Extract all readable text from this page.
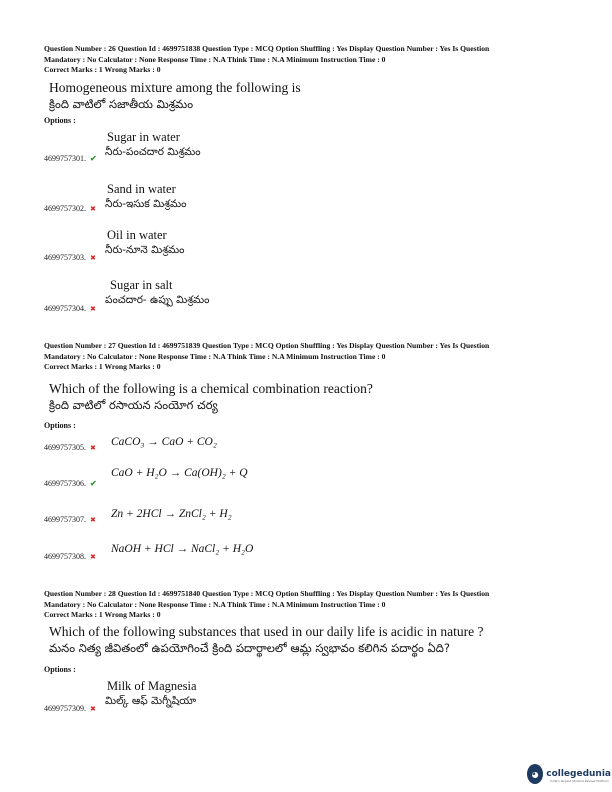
Question Number : 26 Question Id : 4699751838 Question Type : MCQ Option Shuffling : Yes Display Question Number : Yes Is Question
Mandatory : No Calculator : None Response Time : N.A Think Time : N.A Minimum Instruction Time : 0
Correct Marks : 1 Wrong Marks : 0
Homogeneous mixture among the following is
క్రింది వాటిలో సజాతీయ మిశ్రమం
Options :
Sugar in water
నీరు-పంచదార మిశ్రమం
4699757301. ✔
Sand in water
నీరు-ఇసుక మిశ్రమం
4699757302. ✖
Oil in water
నీరు-నూనె మిశ్రమం
4699757303. ✖
Sugar in salt
పంచదార- ఉప్పు మిశ్రమం
4699757304. ✖
Question Number : 27 Question Id : 4699751839 Question Type : MCQ Option Shuffling : Yes Display Question Number : Yes Is Question
Mandatory : No Calculator : None Response Time : N.A Think Time : N.A Minimum Instruction Time : 0
Correct Marks : 1 Wrong Marks : 0
Which of the following is a chemical combination reaction?
క్రింది వాటిలో రసాయన సంయోగ చర్య
Options :
CaCO₃ → CaO + CO₂
4699757305. ✖
CaO + H₂O → Ca(OH)₂ + Q
4699757306. ✔
Zn + 2HCl → ZnCl₂ + H₂
4699757307. ✖
NaOH + HCl → NaCl₂ + H₂O
4699757308. ✖
Question Number : 28 Question Id : 4699751840 Question Type : MCQ Option Shuffling : Yes Display Question Number : Yes Is Question
Mandatory : No Calculator : None Response Time : N.A Think Time : N.A Minimum Instruction Time : 0
Correct Marks : 1 Wrong Marks : 0
Which of the following substances that used in our daily life is acidic in nature ?
మనం నిత్య జీవితంలో ఉపయోగించే క్రింది పదార్థాలలో ఆమ్ల స్వభావం కలిగిన పదార్థం ఏది?
Options :
Milk of Magnesia
మిల్క్ ఆఫ్ మెగ్నీషియా
4699757309. ✖
◕ collegedunia
India's largest Student Review Platform
